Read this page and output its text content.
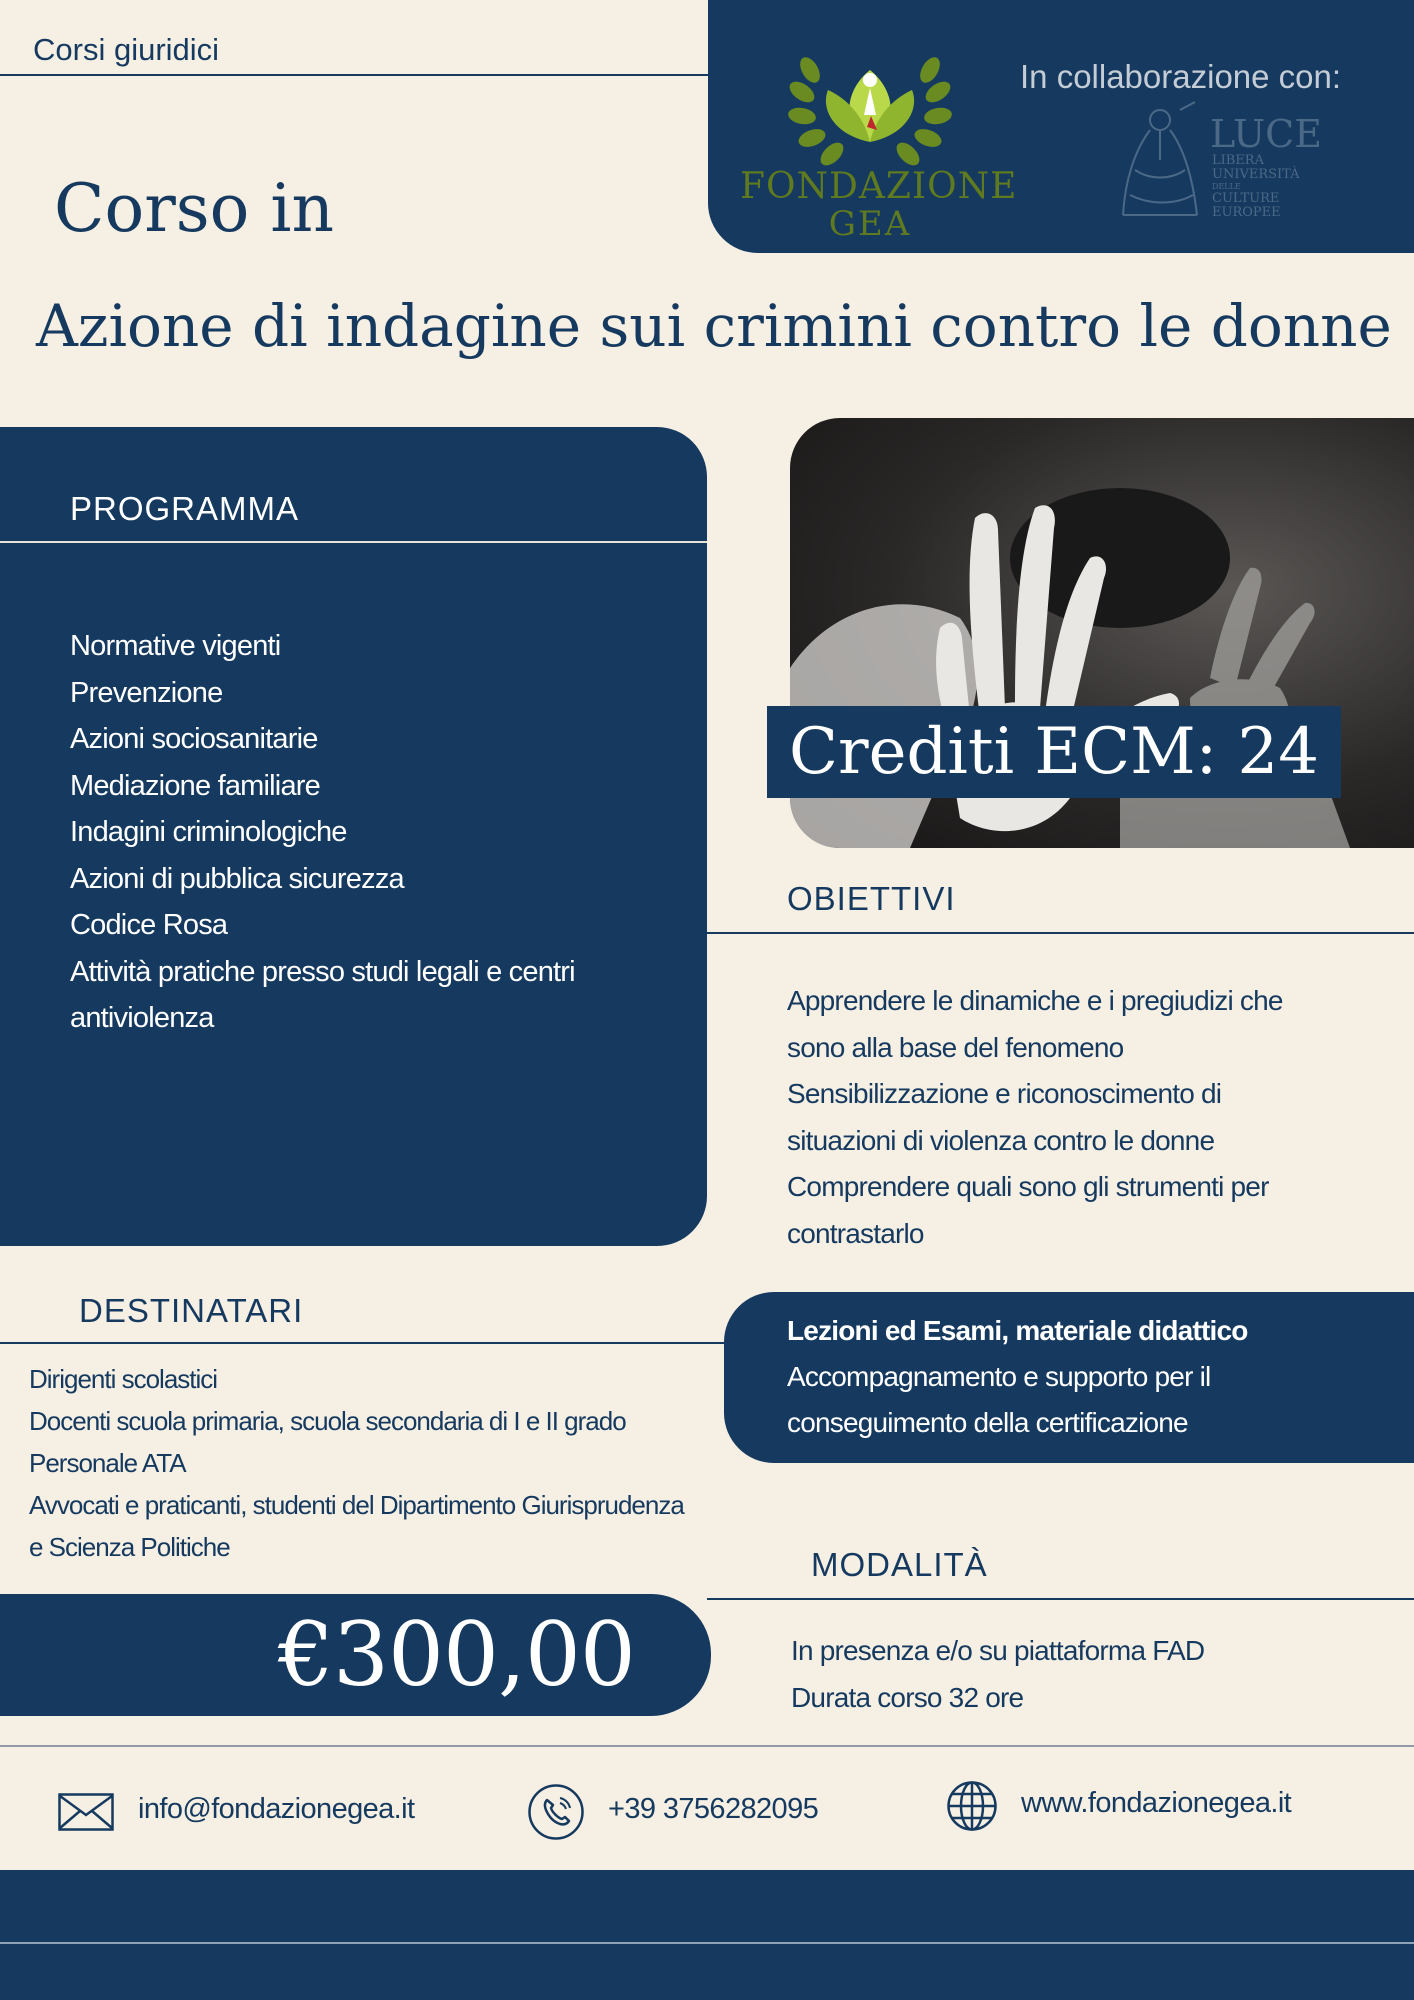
Corsi giuridici
FONDAZIONE
GEA
In collaborazione con:
LUCE
LIBERA
UNIVERSITÀ
DELLE
CULTURE
EUROPEE
Corso in
Azione di indagine sui crimini contro le donne
PROGRAMMA
Normative vigenti
Prevenzione
Azioni sociosanitarie
Mediazione familiare
Indagini criminologiche
Azioni di pubblica sicurezza
Codice Rosa
Attività pratiche presso studi legali e centri
antiviolenza
Crediti ECM: 24
OBIETTIVI
Apprendere le dinamiche e i pregiudizi che
sono alla base del fenomeno
Sensibilizzazione e riconoscimento di
situazioni di violenza contro le donne
Comprendere quali sono gli strumenti per
contrastarlo
DESTINATARI
Dirigenti scolastici
Docenti scuola primaria, scuola secondaria di I e II grado
Personale ATA
Avvocati e praticanti, studenti del Dipartimento Giurisprudenza
e Scienza Politiche
Lezioni ed Esami, materiale didattico
Accompagnamento e supporto per il
conseguimento della certificazione
MODALITÀ
In presenza e/o su piattaforma FAD
Durata corso 32 ore
€300,00
info@fondazionegea.it	+39 3756282095	www.fondazionegea.it
